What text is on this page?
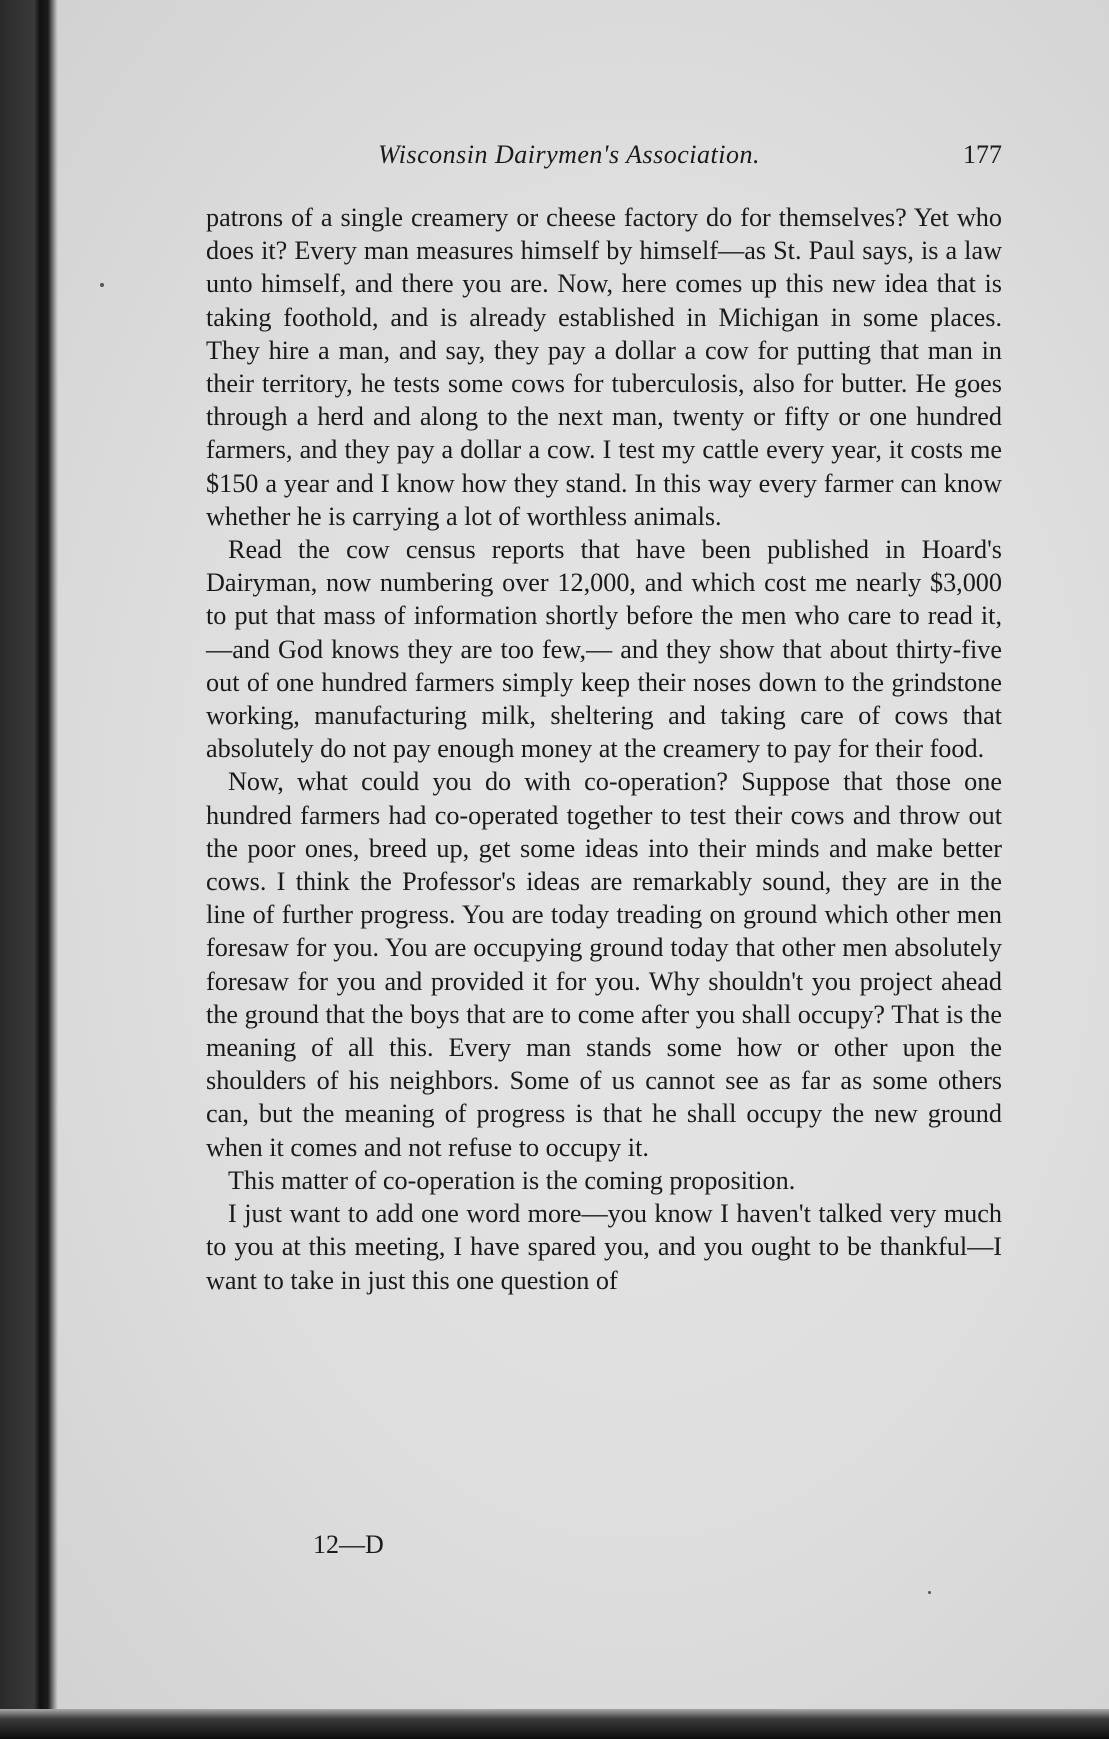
Wisconsin Dairymen's Association.	177

patrons of a single creamery or cheese factory do for themselves? Yet who does it? Every man measures himself by himself—as St. Paul says, is a law unto himself, and there you are. Now, here comes up this new idea that is taking foothold, and is already established in Michigan in some places. They hire a man, and say, they pay a dollar a cow for putting that man in their territory, he tests some cows for tuberculosis, also for butter. He goes through a herd and along to the next man, twenty or fifty or one hundred farmers, and they pay a dollar a cow. I test my cattle every year, it costs me $150 a year and I know how they stand. In this way every farmer can know whether he is carrying a lot of worthless animals.

Read the cow census reports that have been published in Hoard's Dairyman, now numbering over 12,000, and which cost me nearly $3,000 to put that mass of information shortly before the men who care to read it,—and God knows they are too few,— and they show that about thirty-five out of one hundred farmers simply keep their noses down to the grindstone working, manufacturing milk, sheltering and taking care of cows that absolutely do not pay enough money at the creamery to pay for their food.

Now, what could you do with co-operation? Suppose that those one hundred farmers had co-operated together to test their cows and throw out the poor ones, breed up, get some ideas into their minds and make better cows. I think the Professor's ideas are remarkably sound, they are in the line of further progress. You are today treading on ground which other men foresaw for you. You are occupying ground today that other men absolutely foresaw for you and provided it for you. Why shouldn't you project ahead the ground that the boys that are to come after you shall occupy? That is the meaning of all this. Every man stands some how or other upon the shoulders of his neighbors. Some of us cannot see as far as some others can, but the meaning of progress is that he shall occupy the new ground when it comes and not refuse to occupy it.

This matter of co-operation is the coming proposition.

I just want to add one word more—you know I haven't talked very much to you at this meeting, I have spared you, and you ought to be thankful—I want to take in just this one question of

12—D
